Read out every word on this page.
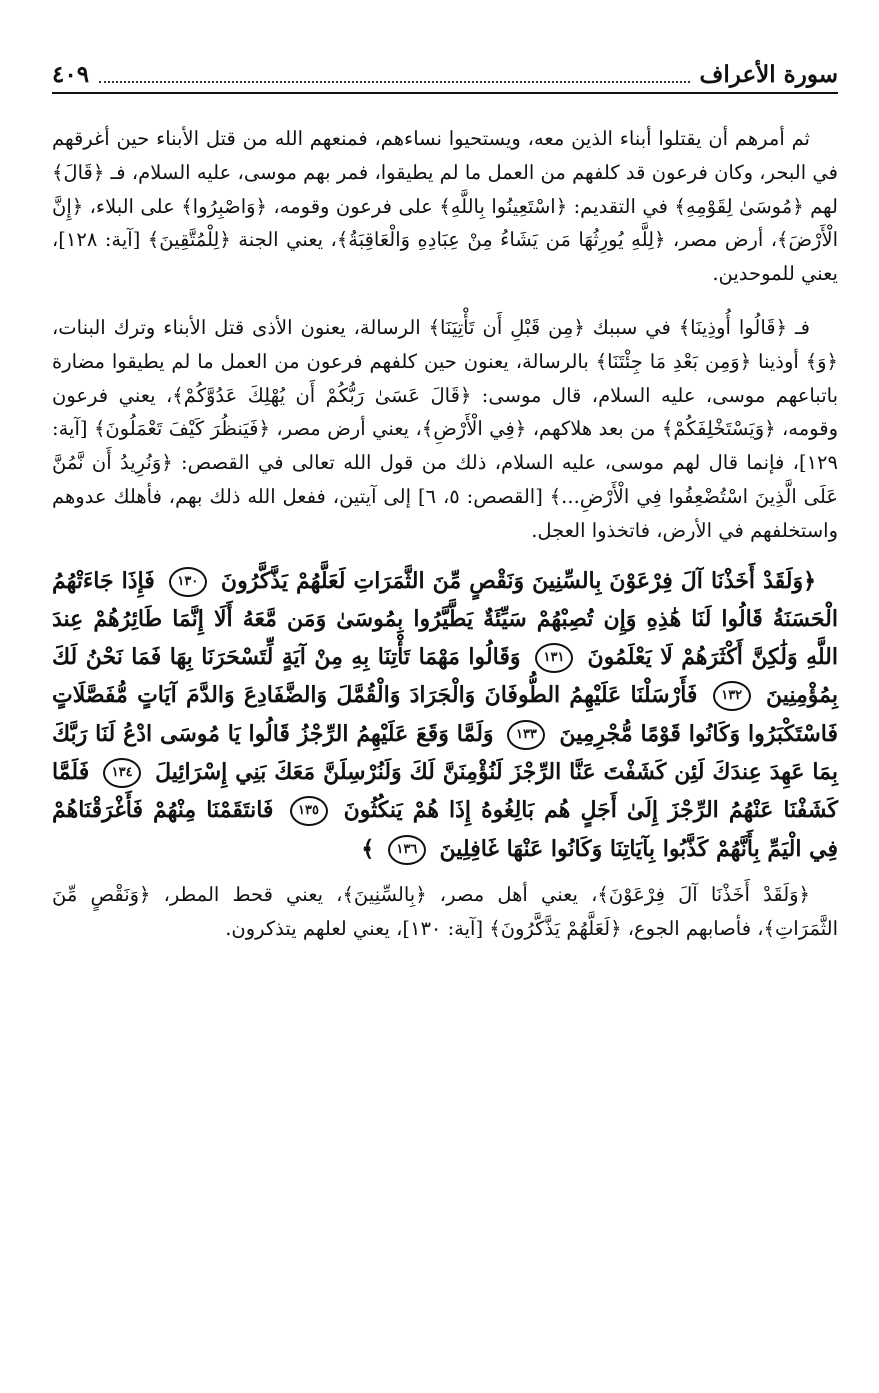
سورة الأعراف
٤٠٩

ثم أمرهم أن يقتلوا أبناء الذين معه، ويستحيوا نساءهم، فمنعهم الله من قتل الأبناء حين أغرقهم في البحر، وكان فرعون قد كلفهم من العمل ما لم يطيقوا، فمر بهم موسى، عليه السلام، فـ ﴿قَالَ﴾ لهم ﴿مُوسَىٰ لِقَوْمِهِ﴾ في التقديم: ﴿اسْتَعِينُوا بِاللَّهِ﴾ على فرعون وقومه، ﴿وَاصْبِرُوا﴾ على البلاء، ﴿إِنَّ الْأَرْضَ﴾، أرض مصر، ﴿لِلَّهِ يُورِثُهَا مَن يَشَاءُ مِنْ عِبَادِهِ وَالْعَاقِبَةُ﴾، يعني الجنة ﴿لِلْمُتَّقِينَ﴾ [آية: ١٢٨]، يعني للموحدين.

فـ ﴿قَالُوا أُوذِينَا﴾ في سببك ﴿مِن قَبْلِ أَن تَأْتِيَنَا﴾ الرسالة، يعنون الأذى قتل الأبناء وترك البنات، ﴿وَ﴾ أوذينا ﴿وَمِن بَعْدِ مَا جِئْتَنَا﴾ بالرسالة، يعنون حين كلفهم فرعون من العمل ما لم يطيقوا مضارة باتباعهم موسى، عليه السلام، قال موسى: ﴿قَالَ عَسَىٰ رَبُّكُمْ أَن يُهْلِكَ عَدُوَّكُمْ﴾، يعني فرعون وقومه، ﴿وَيَسْتَخْلِفَكُمْ﴾ من بعد هلاكهم، ﴿فِي الْأَرْضِ﴾، يعني أرض مصر، ﴿فَيَنظُرَ كَيْفَ تَعْمَلُونَ﴾ [آية: ١٢٩]، فإنما قال لهم موسى، عليه السلام، ذلك من قول الله تعالى في القصص: ﴿وَنُرِيدُ أَن نَّمُنَّ عَلَى الَّذِينَ اسْتُضْعِفُوا فِي الْأَرْضِ...﴾ [القصص: ٥، ٦] إلى آيتين، ففعل الله ذلك بهم، فأهلك عدوهم واستخلفهم في الأرض، فاتخذوا العجل.

﴿وَلَقَدْ أَخَذْنَا آلَ فِرْعَوْنَ بِالسِّنِينَ وَنَقْصٍ مِّنَ الثَّمَرَاتِ لَعَلَّهُمْ يَذَّكَّرُونَ ١٣٠ فَإِذَا جَاءَتْهُمُ الْحَسَنَةُ قَالُوا لَنَا هَٰذِهِ وَإِن تُصِبْهُمْ سَيِّئَةٌ يَطَّيَّرُوا بِمُوسَىٰ وَمَن مَّعَهُ أَلَا إِنَّمَا طَائِرُهُمْ عِندَ اللَّهِ وَلَٰكِنَّ أَكْثَرَهُمْ لَا يَعْلَمُونَ ١٣١ وَقَالُوا مَهْمَا تَأْتِنَا بِهِ مِنْ آيَةٍ لِّتَسْحَرَنَا بِهَا فَمَا نَحْنُ لَكَ بِمُؤْمِنِينَ ١٣٢ فَأَرْسَلْنَا عَلَيْهِمُ الطُّوفَانَ وَالْجَرَادَ وَالْقُمَّلَ وَالضَّفَادِعَ وَالدَّمَ آيَاتٍ مُّفَصَّلَاتٍ فَاسْتَكْبَرُوا وَكَانُوا قَوْمًا مُّجْرِمِينَ ١٣٣ وَلَمَّا وَقَعَ عَلَيْهِمُ الرِّجْزُ قَالُوا يَا مُوسَى ادْعُ لَنَا رَبَّكَ بِمَا عَهِدَ عِندَكَ لَئِن كَشَفْتَ عَنَّا الرِّجْزَ لَنُؤْمِنَنَّ لَكَ وَلَنُرْسِلَنَّ مَعَكَ بَنِي إِسْرَائِيلَ ١٣٤ فَلَمَّا كَشَفْنَا عَنْهُمُ الرِّجْزَ إِلَىٰ أَجَلٍ هُم بَالِغُوهُ إِذَا هُمْ يَنكُثُونَ ١٣٥ فَانتَقَمْنَا مِنْهُمْ فَأَغْرَقْنَاهُمْ فِي الْيَمِّ بِأَنَّهُمْ كَذَّبُوا بِآيَاتِنَا وَكَانُوا عَنْهَا غَافِلِينَ ١٣٦ ﴾

﴿وَلَقَدْ أَخَذْنَا آلَ فِرْعَوْنَ﴾، يعني أهل مصر، ﴿بِالسِّنِينَ﴾، يعني قحط المطر، ﴿وَنَقْصٍ مِّنَ الثَّمَرَاتِ﴾، فأصابهم الجوع، ﴿لَعَلَّهُمْ يَذَّكَّرُونَ﴾ [آية: ١٣٠]، يعني لعلهم يتذكرون.
